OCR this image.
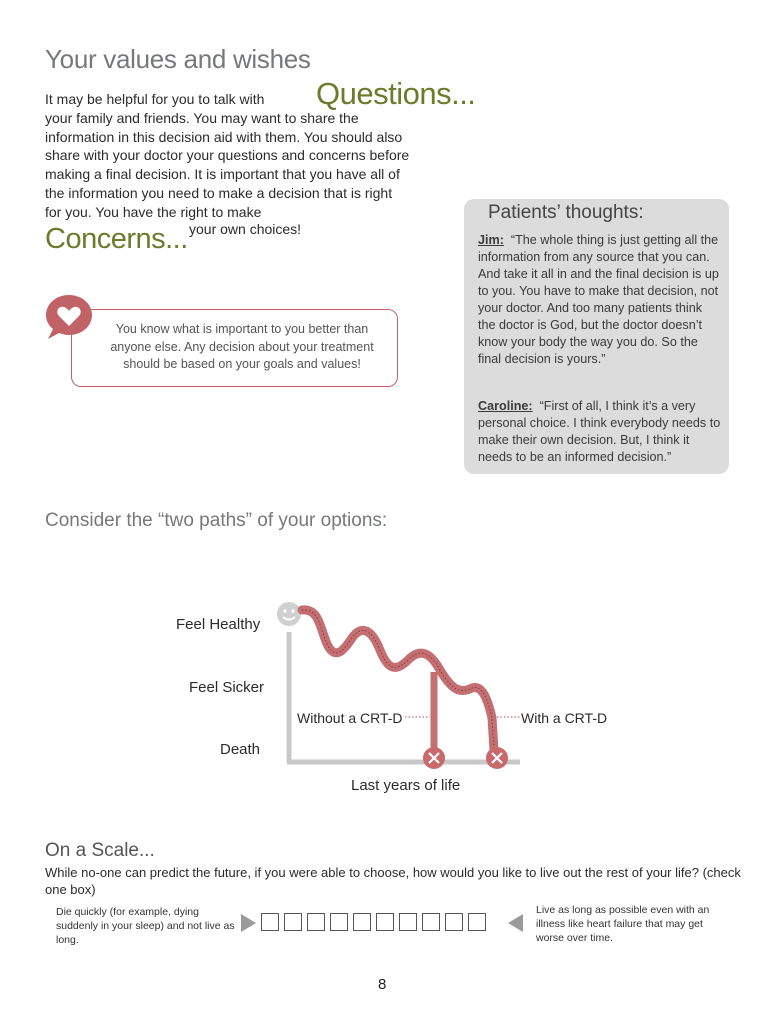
Your values and wishes
It may be helpful for you to talk with Questions...

your family and friends. You may want to share the information in this decision aid with them. You should also share with your doctor your questions and concerns before making a final decision. It is important that you have all of the information you need to make a decision that is right for you. You have the right to make

Concerns... your own choices!
You know what is important to you better than anyone else. Any decision about your treatment should be based on your goals and values!
Patients’ thoughts:
Jim: “The whole thing is just getting all the information from any source that you can. And take it all in and the final decision is up to you. You have to make that decision, not your doctor. And too many patients think the doctor is God, but the doctor doesn’t know your body the way you do. So the final decision is yours.”
Caroline: “First of all, I think it’s a very personal choice. I think everybody needs to make their own decision. But, I think it needs to be an informed decision.”
Consider the “two paths” of your options:
Feel Healthy
Feel Sicker
Death
Without a CRT-D	With a CRT-D
Last years of life
On a Scale...
While no-one can predict the future, if you were able to choose, how would you like to live out the rest of your life? (check one box)
Die quickly (for example, dying suddenly in your sleep) and not live as long.
Live as long as possible even with an illness like heart failure that may get worse over time.
8
